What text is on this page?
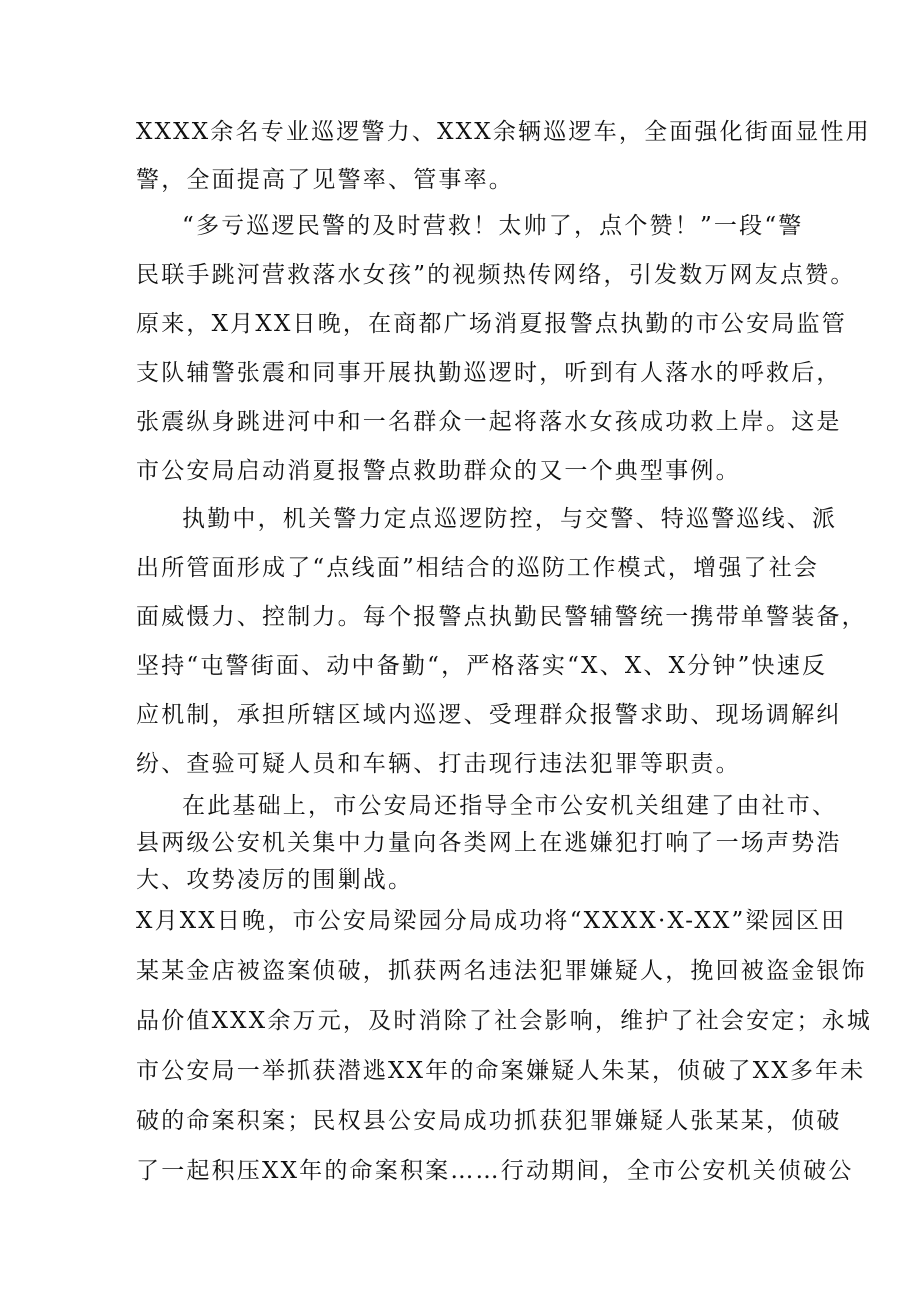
XXXX余名专业巡逻警力、XXX余辆巡逻车，全面强化街面显性用
警，全面提高了见警率、管事率。
“多亏巡逻民警的及时营救！太帅了，点个赞！”一段“警
民联手跳河营救落水女孩”的视频热传网络，引发数万网友点赞。
原来，X月XX日晚，在商都广场消夏报警点执勤的市公安局监管
支队辅警张震和同事开展执勤巡逻时，听到有人落水的呼救后，
张震纵身跳进河中和一名群众一起将落水女孩成功救上岸。这是
市公安局启动消夏报警点救助群众的又一个典型事例。
执勤中，机关警力定点巡逻防控，与交警、特巡警巡线、派
出所管面形成了“点线面”相结合的巡防工作模式，增强了社会
面威慑力、控制力。每个报警点执勤民警辅警统一携带单警装备，
坚持“屯警街面、动中备勤“，严格落实“X、X、X分钟”快速反
应机制，承担所辖区域内巡逻、受理群众报警求助、现场调解纠
纷、查验可疑人员和车辆、打击现行违法犯罪等职责。
在此基础上，市公安局还指导全市公安机关组建了由社市、
县两级公安机关集中力量向各类网上在逃嫌犯打响了一场声势浩
大、攻势凌厉的围剿战。
X月XX日晚，市公安局梁园分局成功将“XXXX·X-XX”梁园区田
某某金店被盗案侦破，抓获两名违法犯罪嫌疑人，挽回被盗金银饰
品价值XXX余万元，及时消除了社会影响，维护了社会安定；永城
市公安局一举抓获潜逃XX年的命案嫌疑人朱某，侦破了XX多年未
破的命案积案；民权县公安局成功抓获犯罪嫌疑人张某某，侦破
了一起积压XX年的命案积案……行动期间，全市公安机关侦破公
